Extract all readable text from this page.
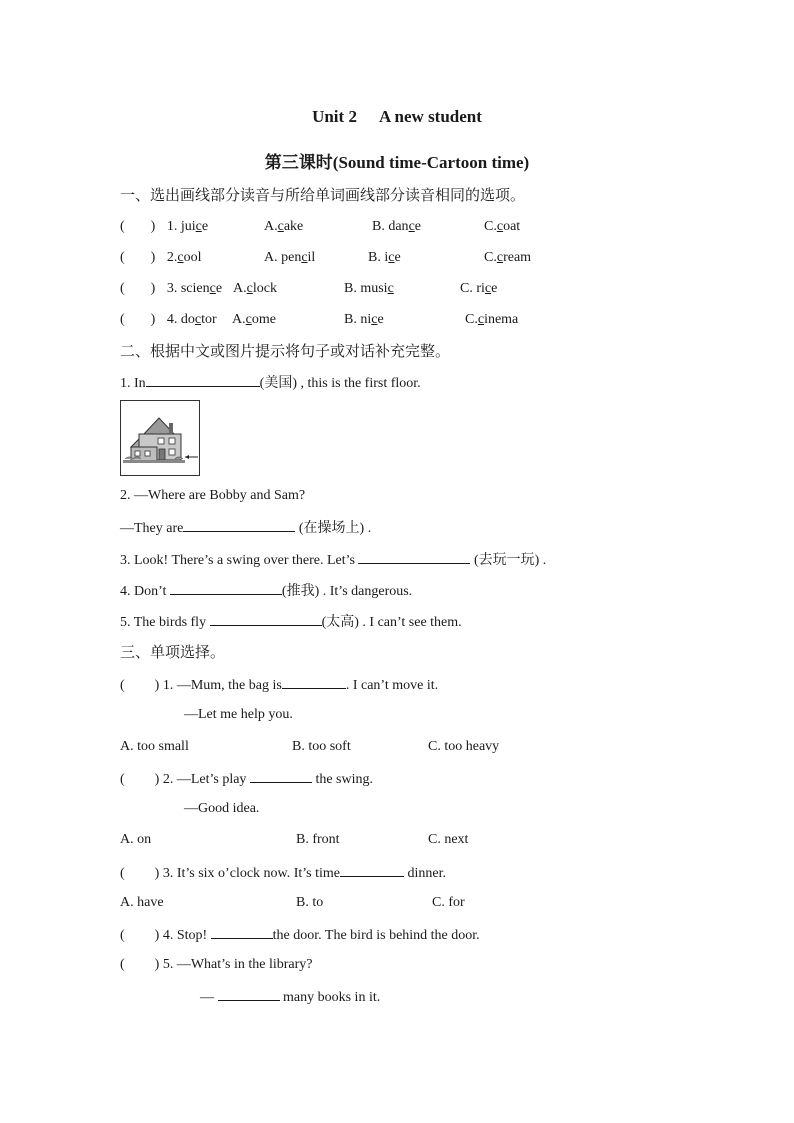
Unit 2 A new student
第三课时(Sound time-Cartoon time)
一、选出画线部分读音与所给单词画线部分读音相同的选项。
( ) 1. juice	A.cake	B. dance	C.coat
( ) 2.cool	A. pencil	B. ice	C.cream
( ) 3. science A.clock	B. music	C. rice
( ) 4. doctor A.come	B. nice	C.cinema
二、根据中文或图片提示将句子或对话补充完整。
1. In	(美国) , this is the first floor.
2. —Where are Bobby and Sam?
—They are	(在操场上) .
3. Look! There’s a swing over there. Let’s	(去玩一玩) .
4. Don’t	(推我) . It’s dangerous.
5. The birds fly	(太高) . I can’t see them.
三、单项选择。
( ) 1. —Mum, the bag is	. I can’t move it.
—Let me help you.
A. too small	B. too soft	C. too heavy
( ) 2. —Let’s play	the swing.
—Good idea.
A. on	B. front	C. next
( ) 3. It’s six o’clock now. It’s time	dinner.
A. have	B. to	C. for
( ) 4. Stop!	the door. The bird is behind the door.
( ) 5. —What’s in the library?
—	many books in it.
